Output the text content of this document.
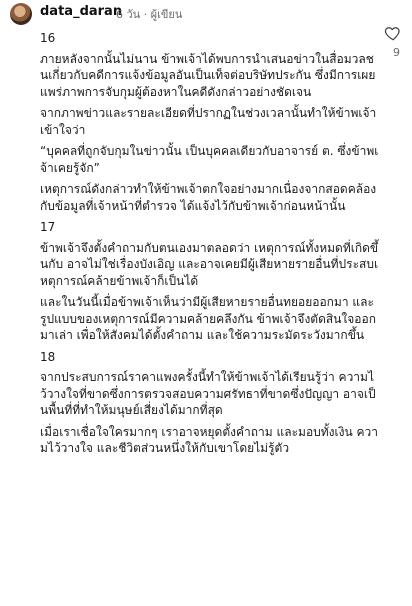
data_daran
6 วัน · ผู้เขียน
9

16

ภายหลังจากนั้นไม่นาน ข้าพเจ้าได้พบการนำเสนอข่าวในสื่อมวลชนเกี่ยวกับคดีการแจ้งข้อมูลอันเป็นเท็จต่อบริษัทประกัน ซึ่งมีการเผยแพร่ภาพการจับกุมผู้ต้องหาในคดีดังกล่าวอย่างชัดเจน

จากภาพข่าวและรายละเอียดที่ปรากฏในช่วงเวลานั้นทำให้ข้าพเจ้าเข้าใจว่า

“บุคคลที่ถูกจับกุมในข่าวนั้น เป็นบุคคลเดียวกับอาจารย์ ต. ซึ่งข้าพเจ้าเคยรู้จัก”

เหตุการณ์ดังกล่าวทำให้ข้าพเจ้าตกใจอย่างมากเนื่องจากสอดคล้องกับข้อมูลที่เจ้าหน้าที่ตำรวจ ได้แจ้งไว้กับข้าพเจ้าก่อนหน้านั้น

17

ข้าพเจ้าจึงตั้งคำถามกับตนเองมาตลอดว่า เหตุการณ์ทั้งหมดที่เกิดขึ้นกับ อาจไม่ใช่เรื่องบังเอิญ และอาจเคยมีผู้เสียหายรายอื่นที่ประสบเหตุการณ์คล้ายข้าพเจ้าก็เป็นได้

และในวันนี้เมื่อข้าพเจ้าเห็นว่ามีผู้เสียหายรายอื่นทยอยออกมา และรูปแบบของเหตุการณ์มีความคล้ายคลึงกัน ข้าพเจ้าจึงตัดสินใจออกมาเล่า เพื่อให้สังคมได้ตั้งคำถาม และใช้ความระมัดระวังมากขึ้น

18

จากประสบการณ์ราคาแพงครั้งนี้ทำให้ข้าพเจ้าได้เรียนรู้ว่า ความไว้วางใจที่ขาดซึ่งการตรวจสอบความศรัทธาที่ขาดซึ่งปัญญา อาจเป็นพื้นที่ที่ทำให้มนุษย์เสี่ยงได้มากที่สุด

เมื่อเราเชื่อใจใครมากๆ เราอาจหยุดตั้งคำถาม และมอบทั้งเงิน ความไว้วางใจ และชีวิตส่วนหนึ่งให้กับเขาโดยไม่รู้ตัว
